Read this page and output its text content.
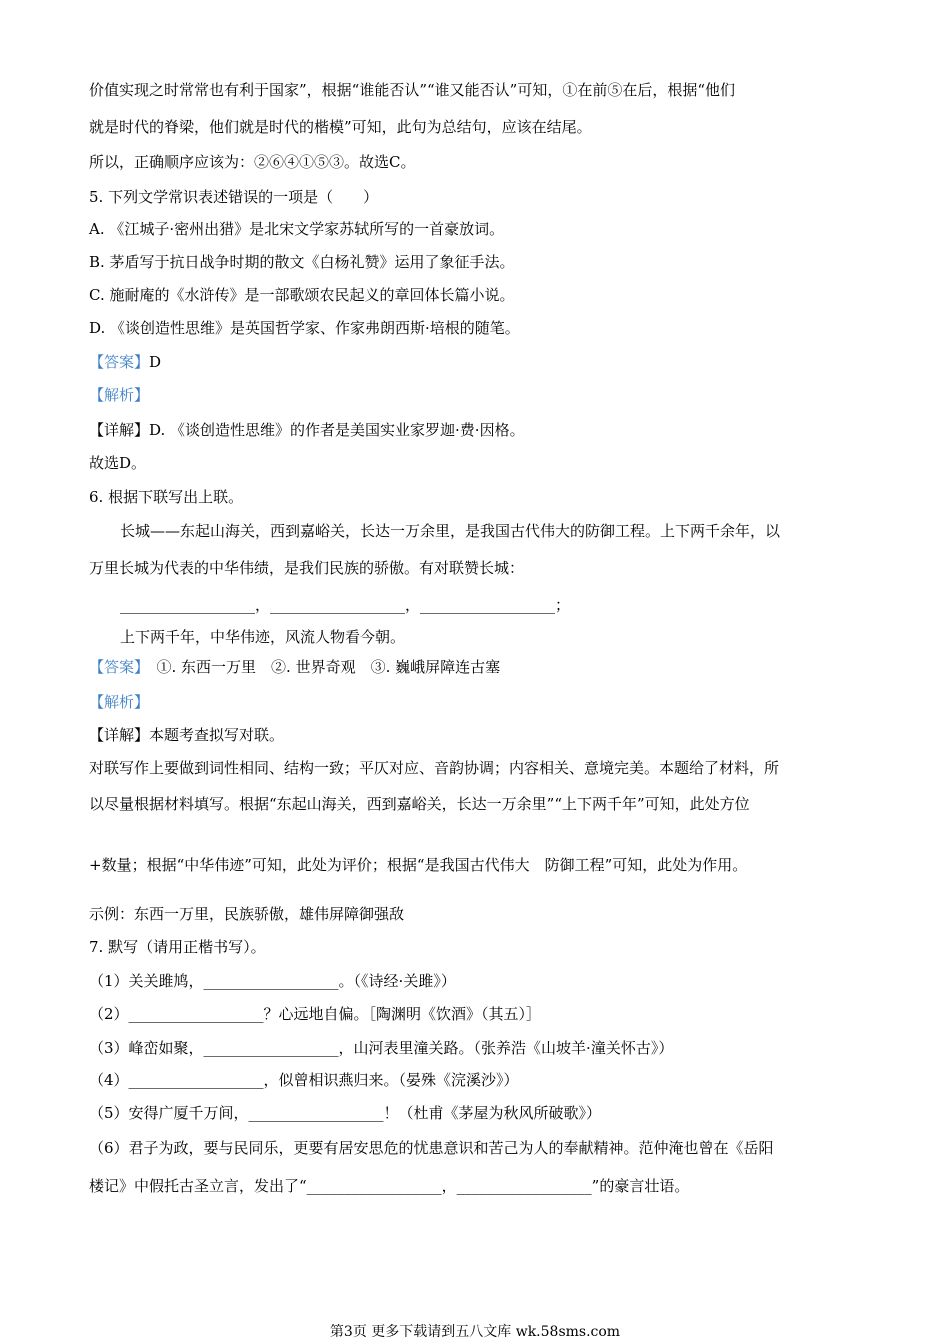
价值实现之时常常也有利于国家”，根据“谁能否认”“谁又能否认”可知，①在前⑤在后，根据“他们
就是时代的脊梁，他们就是时代的楷模”可知，此句为总结句，应该在结尾。
所以，正确顺序应该为：②⑥④①⑤③。故选C。
5. 下列文学常识表述错误的一项是（　　）
A. 《江城子·密州出猎》是北宋文学家苏轼所写的一首豪放词。
B. 茅盾写于抗日战争时期的散文《白杨礼赞》运用了象征手法。
C. 施耐庵的《水浒传》是一部歌颂农民起义的章回体长篇小说。
D. 《谈创造性思维》是英国哲学家、作家弗朗西斯·培根的随笔。
【答案】D
【解析】
【详解】D. 《谈创造性思维》的作者是美国实业家罗迦·费·因格。
故选D。
6. 根据下联写出上联。
长城——东起山海关，西到嘉峪关，长达一万余里，是我国古代伟大的防御工程。上下两千余年，以
万里长城为代表的中华伟绩，是我们民族的骄傲。有对联赞长城：
__________________，__________________，__________________；
上下两千年，中华伟迹，风流人物看今朝。
【答案】　①. 东西一万里　②. 世界奇观　③. 巍峨屏障连古塞
【解析】
【详解】本题考查拟写对联。
对联写作上要做到词性相同、结构一致；平仄对应、音韵协调；内容相关、意境完美。本题给了材料，所
以尽量根据材料填写。根据“东起山海关，西到嘉峪关，长达一万余里”“上下两千年”可知，此处方位
+数量；根据“中华伟迹”可知，此处为评价；根据“是我国古代伟大　防御工程”可知，此处为作用。
示例：东西一万里，民族骄傲，雄伟屏障御强敌
7. 默写（请用正楷书写）。
（1）关关雎鸠，__________________。（《诗经·关雎》）
（2）__________________？心远地自偏。［陶渊明《饮酒》（其五）］
（3）峰峦如聚，__________________，山河表里潼关路。（张养浩《山坡羊·潼关怀古》）
（4）__________________，似曾相识燕归来。（晏殊《浣溪沙》）
（5）安得广厦千万间，__________________！（杜甫《茅屋为秋风所破歌》）
（6）君子为政，要与民同乐，更要有居安思危的忧患意识和苦己为人的奉献精神。范仲淹也曾在《岳阳
楼记》中假托古圣立言，发出了“__________________，__________________”的豪言壮语。
第3页 更多下载请到五八文库 wk.58sms.com
